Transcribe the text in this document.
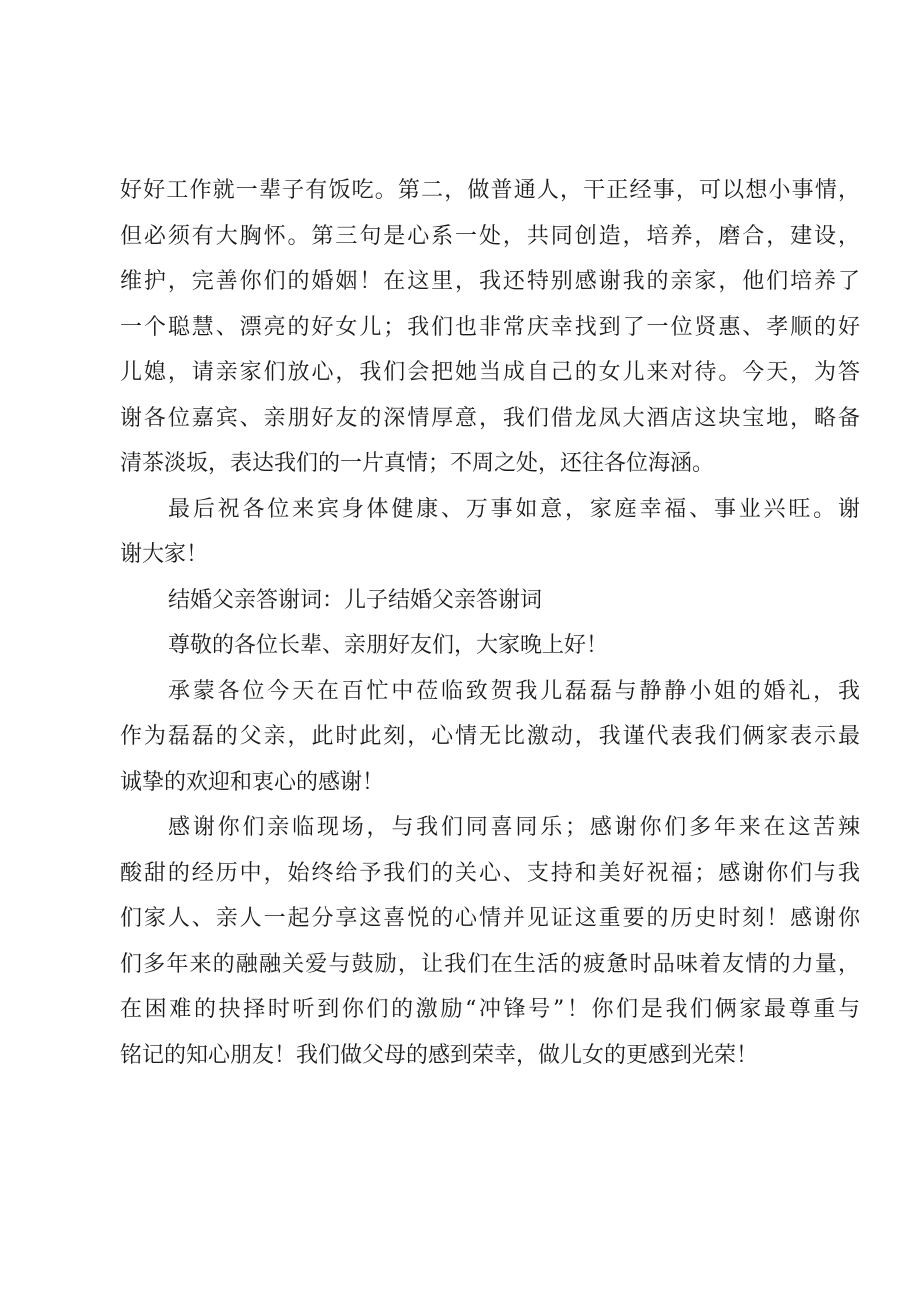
好好工作就一辈子有饭吃。第二，做普通人，干正经事，可以想小事情，
但必须有大胸怀。第三句是心系一处，共同创造，培养，磨合，建设，
维护，完善你们的婚姻！在这里，我还特别感谢我的亲家，他们培养了
一个聪慧、漂亮的好女儿；我们也非常庆幸找到了一位贤惠、孝顺的好
儿媳，请亲家们放心，我们会把她当成自己的女儿来对待。今天，为答
谢各位嘉宾、亲朋好友的深情厚意，我们借龙凤大酒店这块宝地，略备
清茶淡坂，表达我们的一片真情；不周之处，还往各位海涵。
最后祝各位来宾身体健康、万事如意，家庭幸福、事业兴旺。谢
谢大家！
结婚父亲答谢词：儿子结婚父亲答谢词
尊敬的各位长辈、亲朋好友们，大家晚上好！
承蒙各位今天在百忙中莅临致贺我儿磊磊与静静小姐的婚礼，我
作为磊磊的父亲，此时此刻，心情无比激动，我谨代表我们俩家表示最
诚挚的欢迎和衷心的感谢！
感谢你们亲临现场，与我们同喜同乐；感谢你们多年来在这苦辣
酸甜的经历中，始终给予我们的关心、支持和美好祝福；感谢你们与我
们家人、亲人一起分享这喜悦的心情并见证这重要的历史时刻！感谢你
们多年来的融融关爱与鼓励，让我们在生活的疲惫时品味着友情的力量，
在困难的抉择时听到你们的激励“冲锋号”！你们是我们俩家最尊重与
铭记的知心朋友！我们做父母的感到荣幸，做儿女的更感到光荣！
